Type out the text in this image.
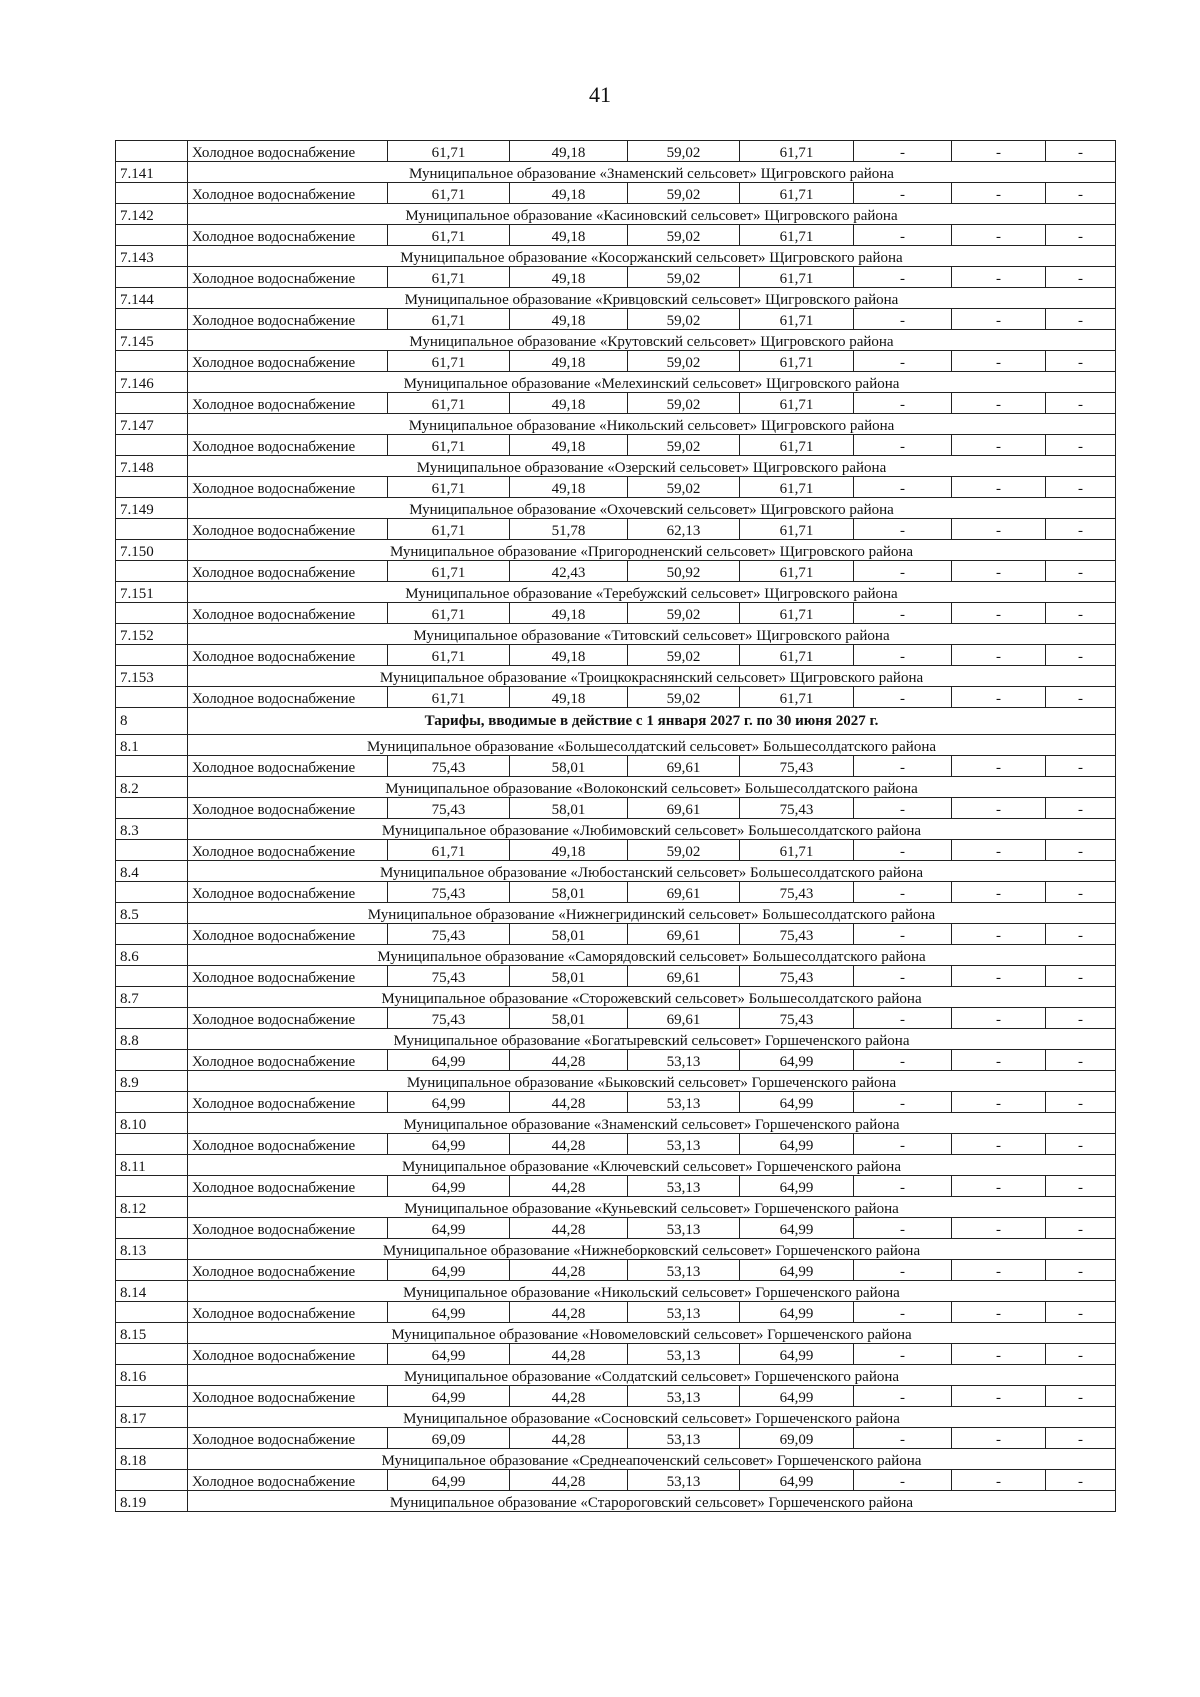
41
	Холодное водоснабжение	61,71	49,18	59,02	61,71	-	-	-
7.141	Муниципальное образование «Знаменский сельсовет» Щигровского района							
	Холодное водоснабжение	61,71	49,18	59,02	61,71	-	-	-
7.142	Муниципальное образование «Касиновский сельсовет» Щигровского района							
	Холодное водоснабжение	61,71	49,18	59,02	61,71	-	-	-
7.143	Муниципальное образование «Косоржанский сельсовет» Щигровского района							
	Холодное водоснабжение	61,71	49,18	59,02	61,71	-	-	-
7.144	Муниципальное образование «Кривцовский сельсовет» Щигровского района							
	Холодное водоснабжение	61,71	49,18	59,02	61,71	-	-	-
7.145	Муниципальное образование «Крутовский сельсовет» Щигровского района							
	Холодное водоснабжение	61,71	49,18	59,02	61,71	-	-	-
7.146	Муниципальное образование «Мелехинский сельсовет» Щигровского района							
	Холодное водоснабжение	61,71	49,18	59,02	61,71	-	-	-
7.147	Муниципальное образование «Никольский сельсовет» Щигровского района							
	Холодное водоснабжение	61,71	49,18	59,02	61,71	-	-	-
7.148	Муниципальное образование «Озерский сельсовет» Щигровского района							
	Холодное водоснабжение	61,71	49,18	59,02	61,71	-	-	-
7.149	Муниципальное образование «Охочевский сельсовет» Щигровского района							
	Холодное водоснабжение	61,71	51,78	62,13	61,71	-	-	-
7.150	Муниципальное образование «Пригородненский сельсовет» Щигровского района							
	Холодное водоснабжение	61,71	42,43	50,92	61,71	-	-	-
7.151	Муниципальное образование «Теребужский сельсовет» Щигровского района							
	Холодное водоснабжение	61,71	49,18	59,02	61,71	-	-	-
7.152	Муниципальное образование «Титовский сельсовет» Щигровского района							
	Холодное водоснабжение	61,71	49,18	59,02	61,71	-	-	-
7.153	Муниципальное образование «Троицкокраснянский сельсовет» Щигровского района							
	Холодное водоснабжение	61,71	49,18	59,02	61,71	-	-	-
8	Тарифы, вводимые в действие с 1 января 2027 г. по 30 июня 2027 г.							
8.1	Муниципальное образование «Большесолдатский сельсовет» Большесолдатского района							
	Холодное водоснабжение	75,43	58,01	69,61	75,43	-	-	-
8.2	Муниципальное образование «Волоконский сельсовет» Большесолдатского района							
	Холодное водоснабжение	75,43	58,01	69,61	75,43	-	-	-
8.3	Муниципальное образование «Любимовский сельсовет» Большесолдатского района							
	Холодное водоснабжение	61,71	49,18	59,02	61,71	-	-	-
8.4	Муниципальное образование «Любостанский сельсовет» Большесолдатского района							
	Холодное водоснабжение	75,43	58,01	69,61	75,43	-	-	-
8.5	Муниципальное образование «Нижнегридинский сельсовет» Большесолдатского района							
	Холодное водоснабжение	75,43	58,01	69,61	75,43	-	-	-
8.6	Муниципальное образование «Саморядовский сельсовет» Большесолдатского района							
	Холодное водоснабжение	75,43	58,01	69,61	75,43	-	-	-
8.7	Муниципальное образование «Сторожевский сельсовет» Большесолдатского района							
	Холодное водоснабжение	75,43	58,01	69,61	75,43	-	-	-
8.8	Муниципальное образование «Богатыревский сельсовет» Горшеченского района							
	Холодное водоснабжение	64,99	44,28	53,13	64,99	-	-	-
8.9	Муниципальное образование «Быковский сельсовет» Горшеченского района							
	Холодное водоснабжение	64,99	44,28	53,13	64,99	-	-	-
8.10	Муниципальное образование «Знаменский сельсовет» Горшеченского района							
	Холодное водоснабжение	64,99	44,28	53,13	64,99	-	-	-
8.11	Муниципальное образование «Ключевский сельсовет» Горшеченского района							
	Холодное водоснабжение	64,99	44,28	53,13	64,99	-	-	-
8.12	Муниципальное образование «Куньевский сельсовет» Горшеченского района							
	Холодное водоснабжение	64,99	44,28	53,13	64,99	-	-	-
8.13	Муниципальное образование «Нижнеборковский сельсовет» Горшеченского района							
	Холодное водоснабжение	64,99	44,28	53,13	64,99	-	-	-
8.14	Муниципальное образование «Никольский сельсовет» Горшеченского района							
	Холодное водоснабжение	64,99	44,28	53,13	64,99	-	-	-
8.15	Муниципальное образование «Новомеловский сельсовет» Горшеченского района							
	Холодное водоснабжение	64,99	44,28	53,13	64,99	-	-	-
8.16	Муниципальное образование «Солдатский сельсовет» Горшеченского района							
	Холодное водоснабжение	64,99	44,28	53,13	64,99	-	-	-
8.17	Муниципальное образование «Сосновский сельсовет» Горшеченского района							
	Холодное водоснабжение	69,09	44,28	53,13	69,09	-	-	-
8.18	Муниципальное образование «Среднеапоченский сельсовет» Горшеченского района							
	Холодное водоснабжение	64,99	44,28	53,13	64,99	-	-	-
8.19	Муниципальное образование «Старороговский сельсовет» Горшеченского района							
